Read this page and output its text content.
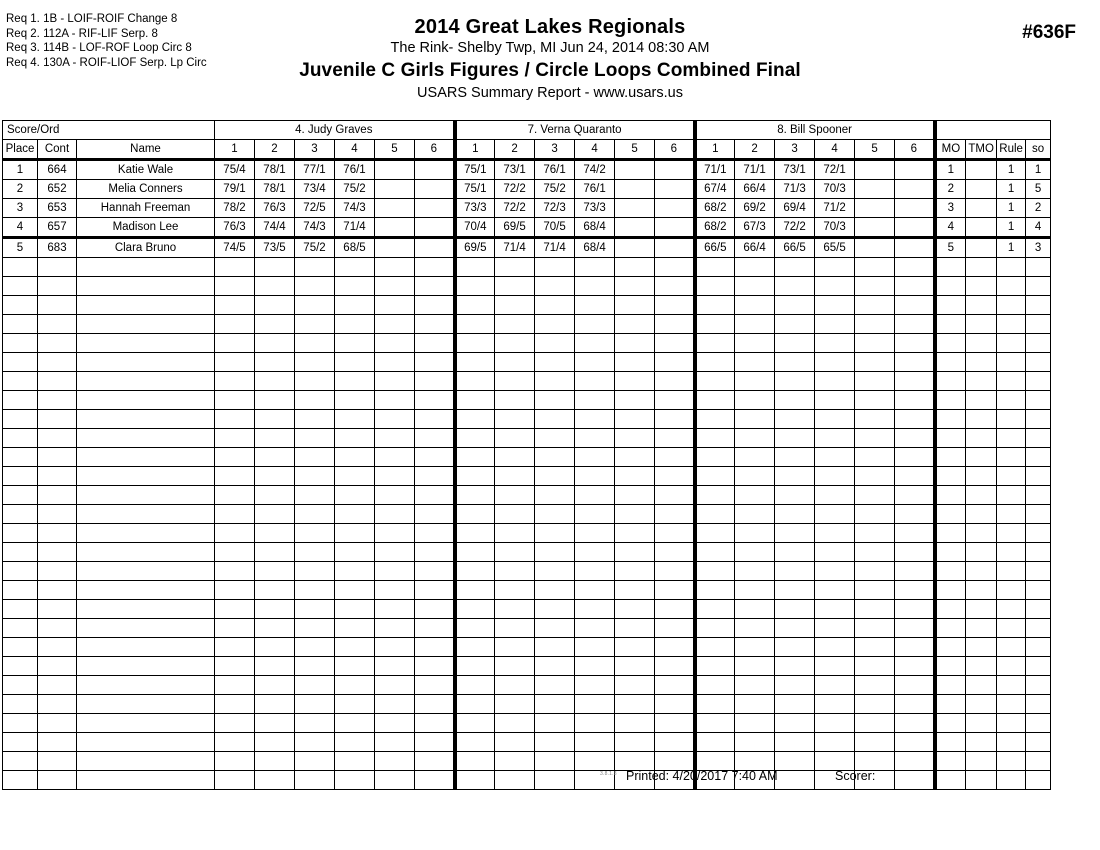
Req 1. 1B - LOIF-ROIF Change 8
Req 2. 112A - RIF-LIF Serp. 8
Req 3. 114B - LOF-ROF Loop Circ 8
Req 4. 130A - ROIF-LIOF Serp. Lp Circ
2014 Great Lakes Regionals
The Rink- Shelby Twp, MI Jun 24, 2014 08:30 AM
Juvenile C Girls Figures / Circle Loops Combined Final
USARS Summary Report - www.usars.us
#636F
Score/Ord			4. Judy Graves						7. Verna Quaranto						8. Bill Spooner									
Place	Cont	Name	1	2	3	4	5	6	1	2	3	4	5	6	1	2	3	4	5	6	MO	TMO	Rule	so
1	664	Katie Wale	75/4	78/1	77/1	76/1			75/1	73/1	76/1	74/2			71/1	71/1	73/1	72/1			1		1	1
2	652	Melia Conners	79/1	78/1	73/4	75/2			75/1	72/2	75/2	76/1			67/4	66/4	71/3	70/3			2		1	5
3	653	Hannah Freeman	78/2	76/3	72/5	74/3			73/3	72/2	72/3	73/3			68/2	69/2	69/4	71/2			3		1	2
4	657	Madison Lee	76/3	74/4	74/3	71/4			70/4	69/5	70/5	68/4			68/2	67/3	72/2	70/3			4		1	4
5	683	Clara Bruno	74/5	73/5	75/2	68/5			69/5	71/4	71/4	68/4			66/5	66/4	66/5	65/5			5		1	3

3.8.1.8 Printed: 4/20/2017 7:40 AM	Scorer:
